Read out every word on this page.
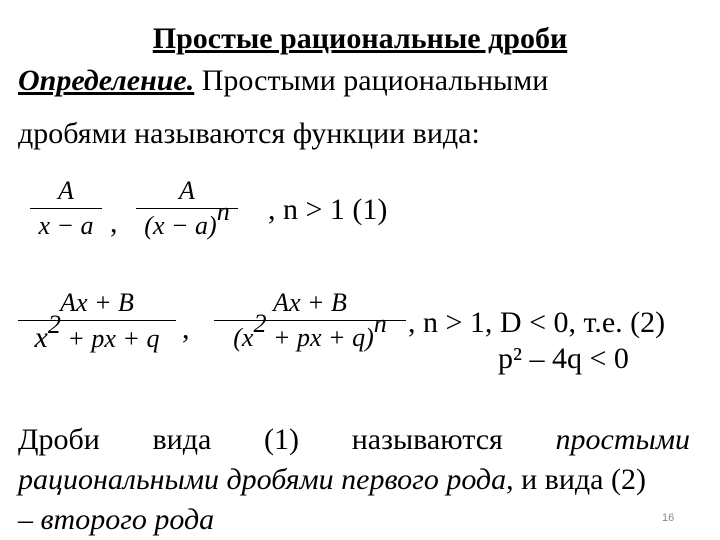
Простые рациональные дроби
Определение. Простыми рациональными
дробями называются функции вида:
A
x − a ,
A
(x − a)n , n > 1 (1)
Ax + B
x2 + px + q ,
Ax + B
(x2 + px + q)n , n > 1, D < 0, т.е. (2)
p² – 4q < 0
Дроби вида (1) называются простыми
рациональными дробями первого рода, и вида (2)
– второго рода	16
